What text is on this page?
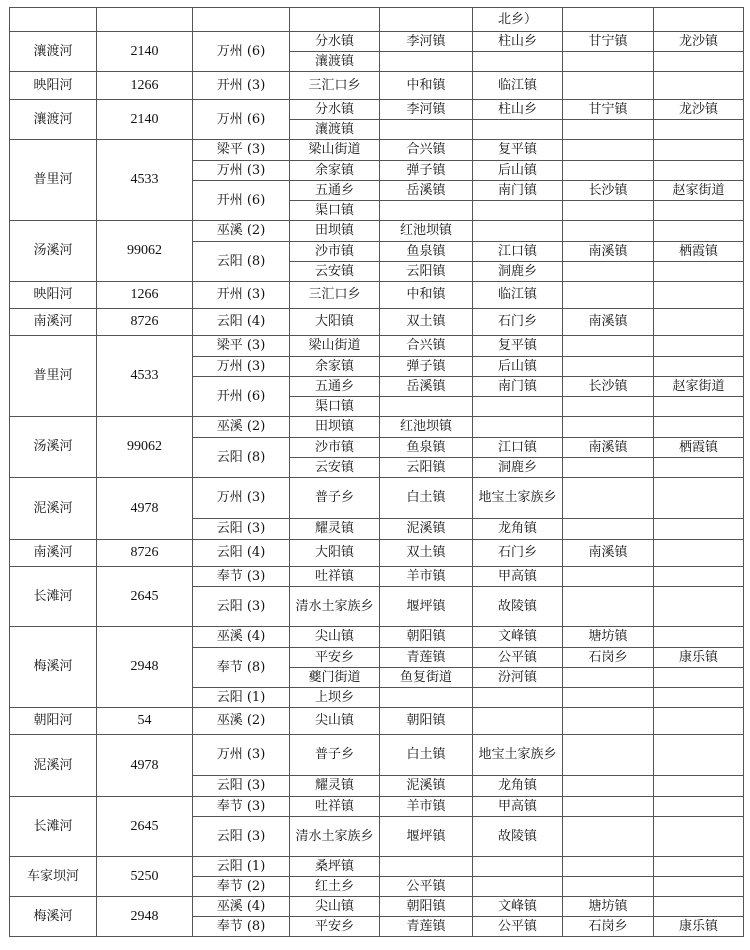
					北乡）		
瀼渡河	2140	万州 (6)	分水镇	李河镇	柱山乡	甘宁镇	龙沙镇
			瀼渡镇				
映阳河	1266	开州 (3)	三汇口乡	中和镇	临江镇		
瀼渡河	2140	万州 (6)	分水镇	李河镇	柱山乡	甘宁镇	龙沙镇
			瀼渡镇				
普里河	4533	梁平 (3)	梁山街道	合兴镇	复平镇		
		万州 (3)	余家镇	弹子镇	后山镇		
		开州 (6)	五通乡	岳溪镇	南门镇	长沙镇	赵家街道
			渠口镇				
汤溪河	99062	巫溪 (2)	田坝镇	红池坝镇			
		云阳 (8)	沙市镇	鱼泉镇	江口镇	南溪镇	栖霞镇
			云安镇	云阳镇	洞鹿乡		
映阳河	1266	开州 (3)	三汇口乡	中和镇	临江镇		
南溪河	8726	云阳 (4)	大阳镇	双土镇	石门乡	南溪镇	
普里河	4533	梁平 (3)	梁山街道	合兴镇	复平镇		
		万州 (3)	余家镇	弹子镇	后山镇		
		开州 (6)	五通乡	岳溪镇	南门镇	长沙镇	赵家街道
			渠口镇				
汤溪河	99062	巫溪 (2)	田坝镇	红池坝镇			
		云阳 (8)	沙市镇	鱼泉镇	江口镇	南溪镇	栖霞镇
			云安镇	云阳镇	洞鹿乡		
泥溪河	4978	万州 (3)	普子乡	白土镇	地宝土家族乡		
		云阳 (3)	耀灵镇	泥溪镇	龙角镇		
南溪河	8726	云阳 (4)	大阳镇	双土镇	石门乡	南溪镇	
长滩河	2645	奉节 (3)	吐祥镇	羊市镇	甲高镇		
		云阳 (3)	清水土家族乡	堰坪镇	故陵镇		
梅溪河	2948	巫溪 (4)	尖山镇	朝阳镇	文峰镇	塘坊镇	
		奉节 (8)	平安乡	青莲镇	公平镇	石岗乡	康乐镇
			夔门街道	鱼复街道	汾河镇		
		云阳 (1)	上坝乡				
朝阳河	54	巫溪 (2)	尖山镇	朝阳镇			
泥溪河	4978	万州 (3)	普子乡	白土镇	地宝土家族乡		
		云阳 (3)	耀灵镇	泥溪镇	龙角镇		
长滩河	2645	奉节 (3)	吐祥镇	羊市镇	甲高镇		
		云阳 (3)	清水土家族乡	堰坪镇	故陵镇		
车家坝河	5250	云阳 (1)	桑坪镇				
		奉节 (2)	红土乡	公平镇			
梅溪河	2948	巫溪 (4)	尖山镇	朝阳镇	文峰镇	塘坊镇	
		奉节 (8)	平安乡	青莲镇	公平镇	石岗乡	康乐镇
